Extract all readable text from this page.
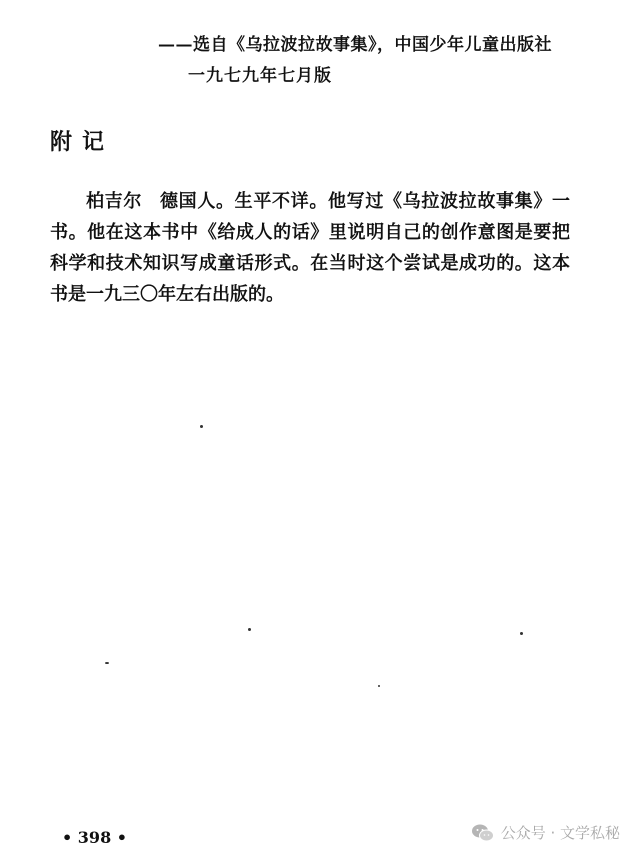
——选自《乌拉波拉故事集》，中国少年儿童出版社
一九七九年七月版
附记

柏吉尔 德国人。生平不详。他写过《乌拉波拉故事集》一书。他在这本书中《给成人的话》里说明自己的创作意图是要把科学和技术知识写成童话形式。在当时这个尝试是成功的。这本书是一九三〇年左右出版的。

• 398 •	公众号 · 文学私秘
